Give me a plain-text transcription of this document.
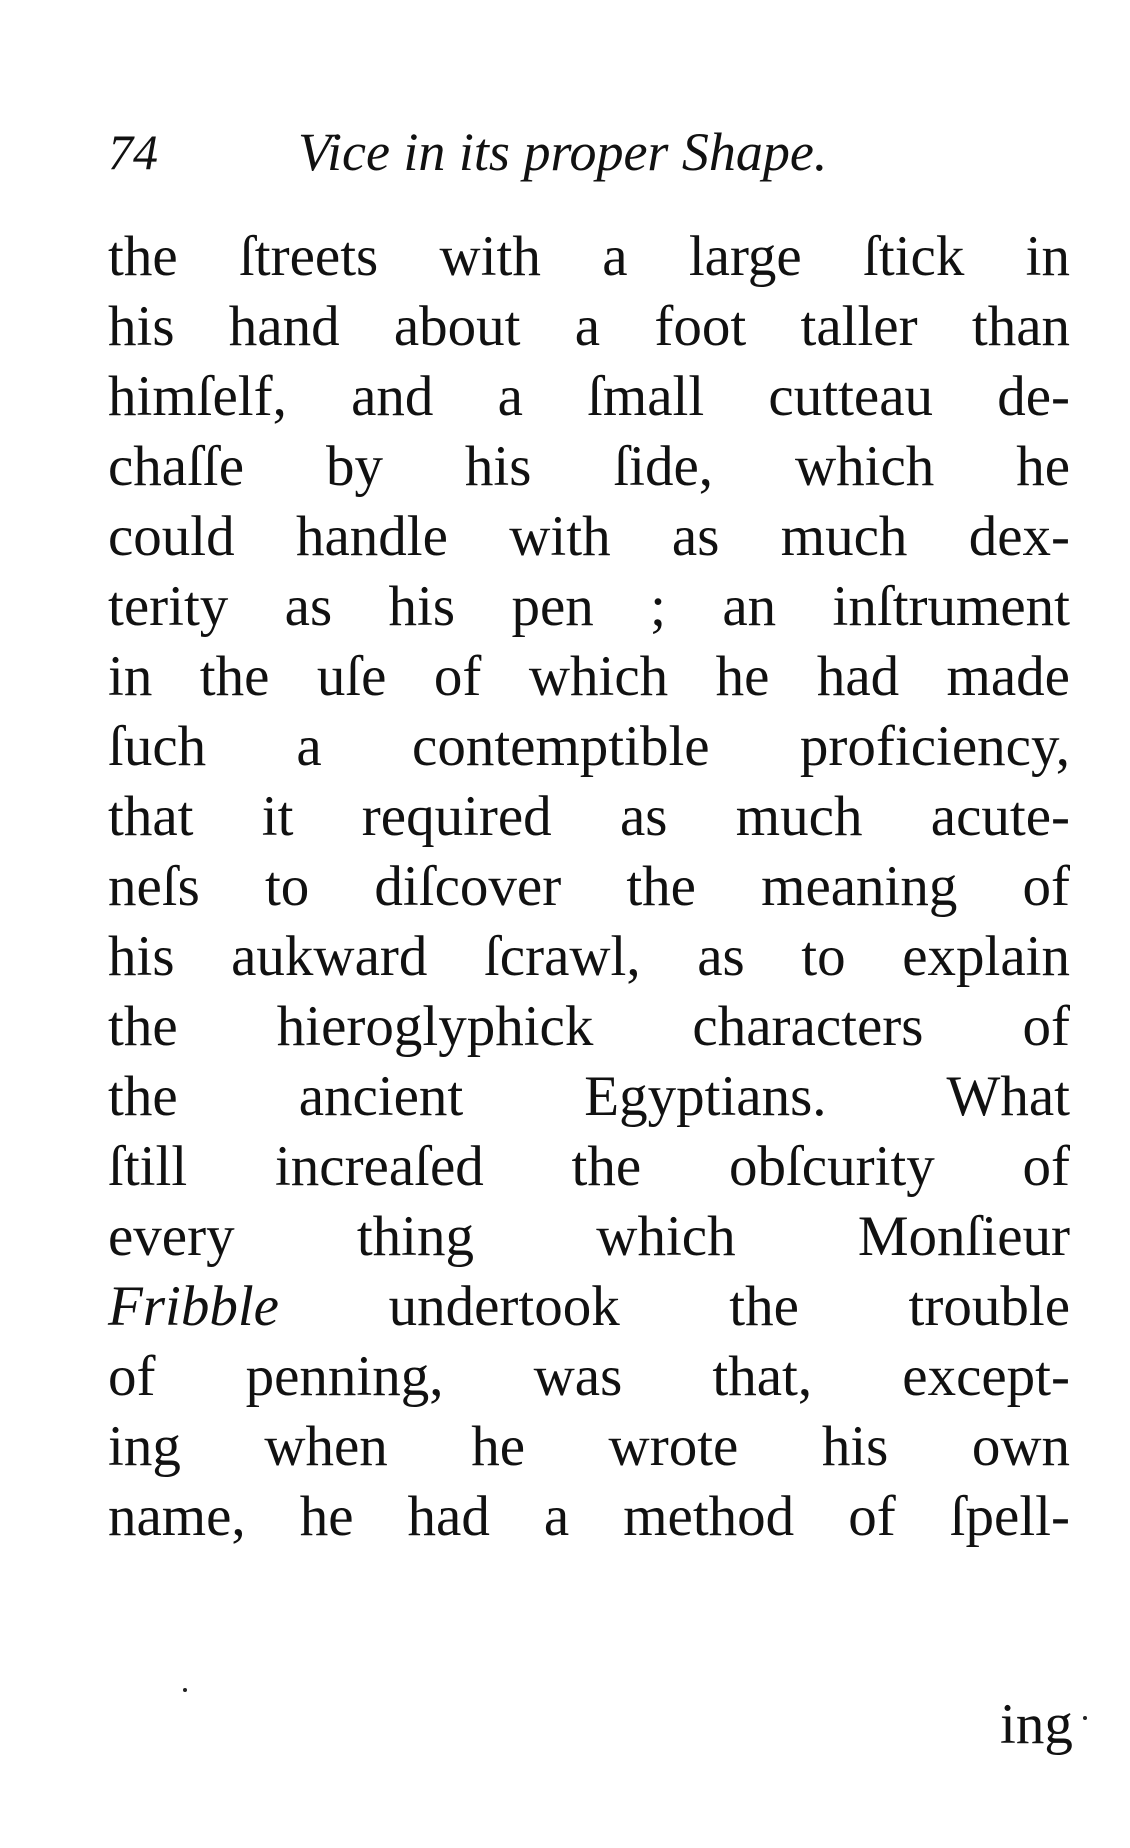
74	Vice in its proper Shape.
the ſtreets with a large ſtick in
his hand about a foot taller than
himſelf, and a ſmall cutteau de-
chaſſe by his ſide, which he
could handle with as much dex-
terity as his pen ; an inſtrument
in the uſe of which he had made
ſuch a contemptible proficiency,
that it required as much acute-
neſs to diſcover the meaning of
his aukward ſcrawl, as to explain
the hieroglyphick characters of
the ancient Egyptians. What
ſtill increaſed the obſcurity of
every thing which Monſieur
Fribble undertook the trouble
of penning, was that, except-
ing when he wrote his own
name, he had a method of ſpell-
ing
